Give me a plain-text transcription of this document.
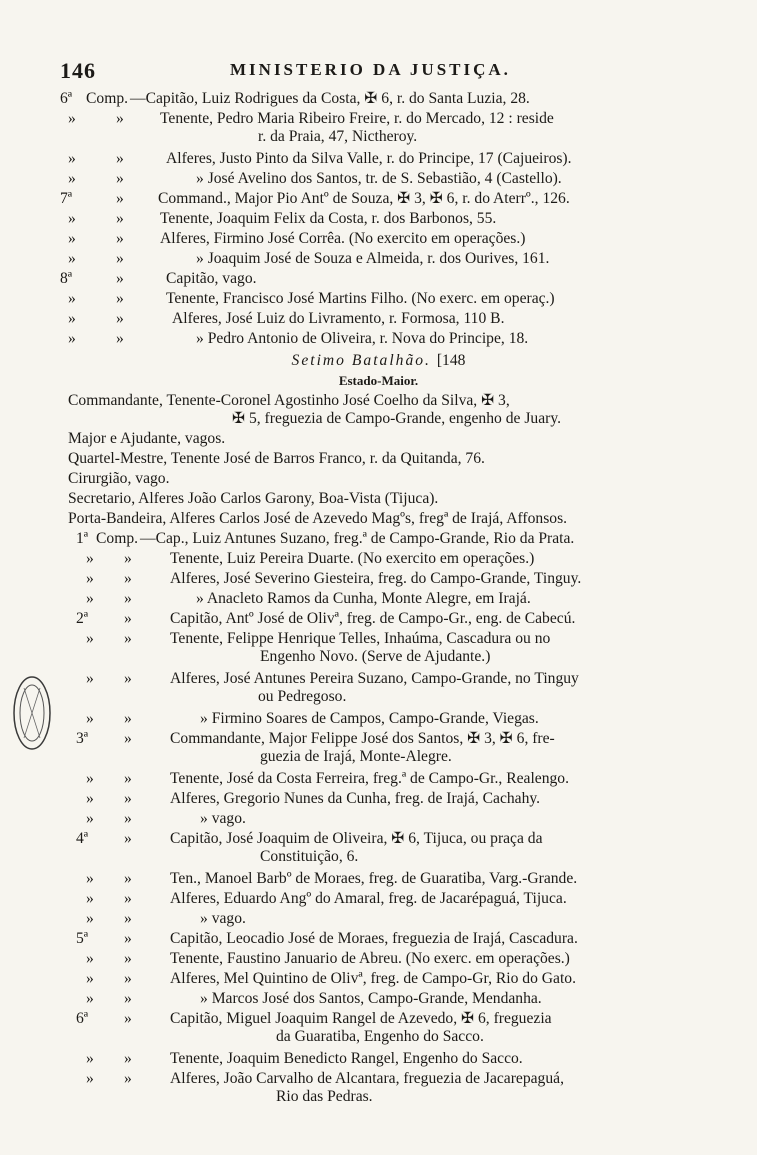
146	MINISTERIO DA JUSTIÇA.
6ª Comp. —Capitão, Luiz Rodrigues da Costa, ✠ 6, r. do Santa Luzia, 28.
»	» Tenente, Pedro Maria Ribeiro Freire, r. do Mercado, 12 : reside
r. da Praia, 47, Nictheroy.
»	»	Alferes, Justo Pinto da Silva Valle, r. do Principe, 17 (Cajueiros).
»	»	» José Avelino dos Santos, tr. de S. Sebastião, 4 (Castello).
7ª	» Command., Major Pio Antº de Souza, ✠ 3, ✠ 6, r. do Aterrº., 126.
»	» Tenente, Joaquim Felix da Costa, r. dos Barbonos, 55.
»	» Alferes, Firmino José Corrêa. (No exercito em operações.)
»	»	» Joaquim José de Souza e Almeida, r. dos Ourives, 161.
8ª	»	Capitão, vago.
»	»	Tenente, Francisco José Martins Filho. (No exerc. em operaç.)
»	»	Alferes, José Luiz do Livramento, r. Formosa, 110 B.
»	»	» Pedro Antonio de Oliveira, r. Nova do Principe, 18.
Setimo Batalhão. [148
Estado-Maior.
Commandante, Tenente-Coronel Agostinho José Coelho da Silva, ✠ 3,
✠ 5, freguezia de Campo-Grande, engenho de Juary.
Major e Ajudante, vagos.
Quartel-Mestre, Tenente José de Barros Franco, r. da Quitanda, 76.
Cirurgião, vago.
Secretario, Alferes João Carlos Garony, Boa-Vista (Tijuca).
Porta-Bandeira, Alferes Carlos José de Azevedo Magºs, fregª de Irajá, Affonsos.
1ª Comp. —Cap., Luiz Antunes Suzano, freg.ª de Campo-Grande, Rio da Prata.
» » Tenente, Luiz Pereira Duarte. (No exercito em operações.)
» » Alferes, José Severino Giesteira, freg. do Campo-Grande, Tinguy.
» »	» Anacleto Ramos da Cunha, Monte Alegre, em Irajá.
2ª » Capitão, Antº José de Olivª, freg. de Campo-Gr., eng. de Cabecú.
» » Tenente, Felippe Henrique Telles, Inhaúma, Cascadura ou no
Engenho Novo. (Serve de Ajudante.)
» » Alferes, José Antunes Pereira Suzano, Campo-Grande, no Tinguy
ou Pedregoso.
» »	» Firmino Soares de Campos, Campo-Grande, Viegas.
3ª » Commandante, Major Felippe José dos Santos, ✠ 3, ✠ 6, fre-
guezia de Irajá, Monte-Alegre.
» » Tenente, José da Costa Ferreira, freg.ª de Campo-Gr., Realengo.
» » Alferes, Gregorio Nunes da Cunha, freg. de Irajá, Cachahy.
» »	» vago.
4ª » Capitão, José Joaquim de Oliveira, ✠ 6, Tijuca, ou praça da
Constituição, 6.
» » Ten., Manoel Barbº de Moraes, freg. de Guaratiba, Varg.-Grande.
» » Alferes, Eduardo Angº do Amaral, freg. de Jacarépaguá, Tijuca.
» »	» vago.
5ª » Capitão, Leocadio José de Moraes, freguezia de Irajá, Cascadura.
» » Tenente, Faustino Januario de Abreu. (No exerc. em operações.)
» » Alferes, Mel Quintino de Olivª, freg. de Campo-Gr, Rio do Gato.
» »	» Marcos José dos Santos, Campo-Grande, Mendanha.
6ª » Capitão, Miguel Joaquim Rangel de Azevedo, ✠ 6, freguezia
da Guaratiba, Engenho do Sacco.
» » Tenente, Joaquim Benedicto Rangel, Engenho do Sacco.
» » Alferes, João Carvalho de Alcantara, freguezia de Jacarepaguá,
Rio das Pedras.
